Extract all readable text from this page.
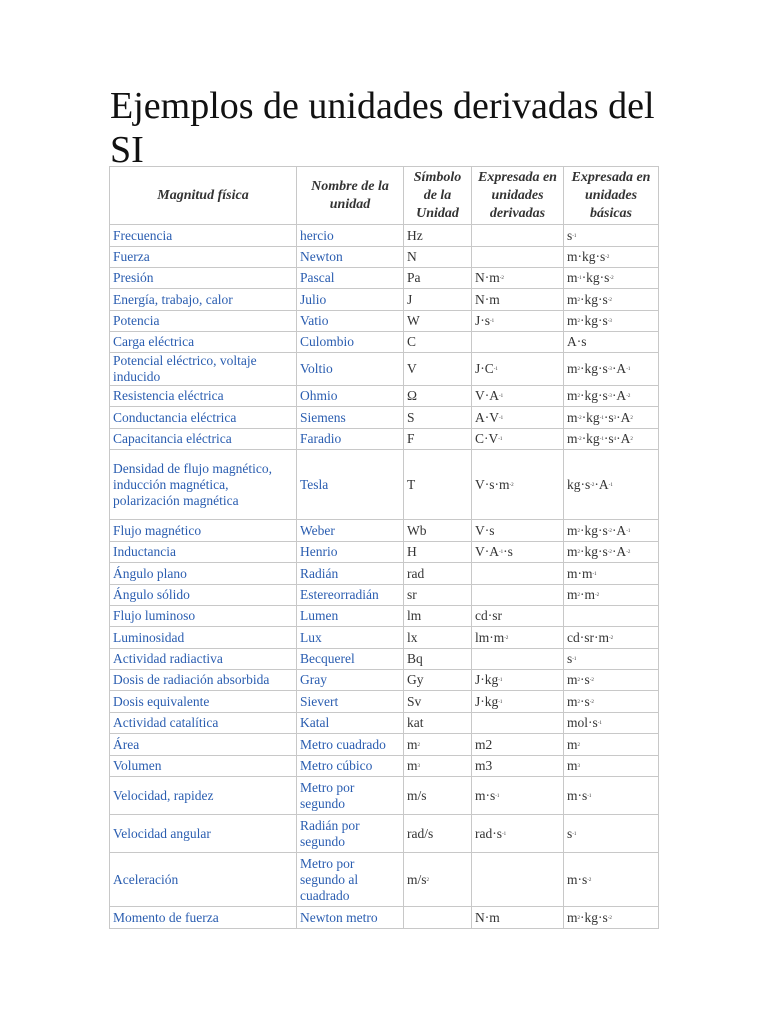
Ejemplos de unidades derivadas del SI
Magnitud física	Nombre de la unidad	Símbolo de la Unidad	Expresada en unidades derivadas	Expresada en unidades básicas
Frecuencia	hercio	Hz		$s^{-1}$
Fuerza	Newton	N		$m\cdot kg\cdot s^{-2}$
Presión	Pascal	Pa	$N\cdot m^{-2}$	$m^{-1}\cdot kg\cdot s^{-2}$
Energía, trabajo, calor	Julio	J	N·m	$m^2\cdot kg\cdot s^{-2}$
Potencia	Vatio	W	$J\cdot s^{-1}$	$m^2\cdot kg\cdot s^{-3}$
Carga eléctrica	Culombio	C		A·s
Potencial eléctrico, voltaje inducido	Voltio	V	$J\cdot C^{-1}$	$m^2\cdot kg\cdot s^{-3}\cdot A^{-1}$
Resistencia eléctrica	Ohmio	Ω	$V\cdot A^{-1}$	$m^2\cdot kg\cdot s^{-3}\cdot A^{-2}$
Conductancia eléctrica	Siemens	S	$A\cdot V^{-1}$	$m^{-2}\cdot kg^{-1}\cdot s^3\cdot A^2$
Capacitancia eléctrica	Faradio	F	$C\cdot V^{-1}$	$m^{-2}\cdot kg^{-1}\cdot s^4\cdot A^2$
Densidad de flujo magnético, inducción magnética, polarización magnética	Tesla	T	$V\cdot s\cdot m^{-2}$	$kg\cdot s^{-2}\cdot A^{-1}$
Flujo magnético	Weber	Wb	V·s	$m^2\cdot kg\cdot s^{-2}\cdot A^{-1}$
Inductancia	Henrio	H	$V\cdot A^{-1}\cdot s$	$m^2\cdot kg\cdot s^{-2}\cdot A^{-2}$
Ángulo plano	Radián	rad		$m\cdot m^{-1}$
Ángulo sólido	Estereorradián	sr		$m^2\cdot m^{-2}$
Flujo luminoso	Lumen	lm	cd·sr	
Luminosidad	Lux	lx	$lm\cdot m^{-2}$	$cd\cdot sr\cdot m^{-2}$
Actividad radiactiva	Becquerel	Bq		$s^{-1}$
Dosis de radiación absorbida	Gray	Gy	$J\cdot kg^{-1}$	$m^2\cdot s^{-2}$
Dosis equivalente	Sievert	Sv	$J\cdot kg^{-1}$	$m^2\cdot s^{-2}$
Actividad catalítica	Katal	kat		$mol\cdot s^{-1}$
Área	Metro cuadrado	$m^2$	m2	$m^2$
Volumen	Metro cúbico	$m^3$	m3	$m^3$
Velocidad, rapidez	Metro por segundo	m/s	$m\cdot s^{-1}$	$m\cdot s^{-1}$
Velocidad angular	Radián por segundo	rad/s	$rad\cdot s^{-1}$	$s^{-1}$
Aceleración	Metro por segundo al cuadrado	$m/s^2$		$m\cdot s^{-2}$
Momento de fuerza	Newton metro		N·m	$m^2\cdot kg\cdot s^{-2}$
